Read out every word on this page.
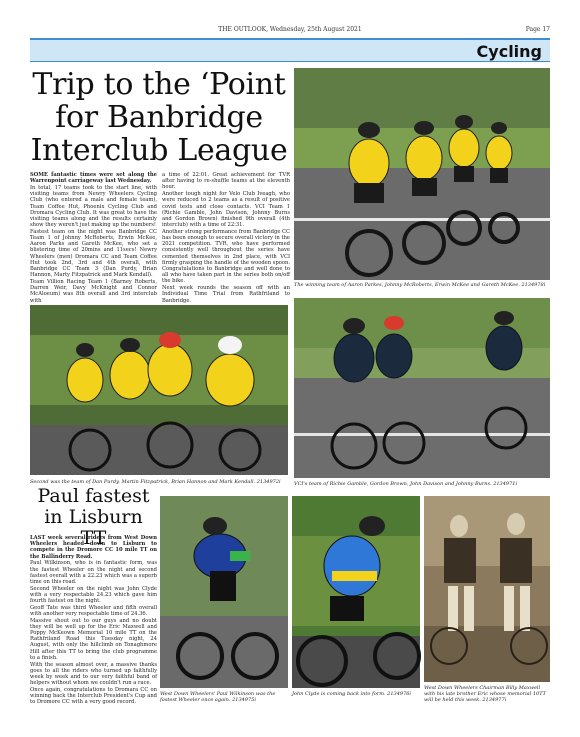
THE OUTLOOK, Wednesday, 25th August 2021	Page 17
Cycling
Trip to the ‘Point
for Banbridge
Interclub League

SOME fantastic times were set along the Warrenpoint carriageway last Wednesday.

In total, 17 teams took to the start line, with visiting teams from Newry Wheelers Cycling Club (who entered a male and female team), Team Coffee Hut, Phoenix Cycling Club and Dromara Cycling Club. It was great to have the visiting teams along and the results certainly show they weren't just making up the numbers!

Fastest team on the night was Banbridge CC Team 1 of Johnny McRoberts, Erwin McKee, Aaron Parks and Gareth McKee, who set a blistering time of 20mins and 11secs! Newry Wheelers (men) Dromara CC and Team Coffee Hut took 2nd, 3rd and 4th overall, with Banbridge CC Team 3 (Dan Purdy, Brian Hannon, Marty Fitzpatrick and Mark Kendall).

Team Villion Racing Team 1 (Barney Roberts, Darren Weir, Davy McKnight and Connor McAloeum) was 8th overall and 3rd interclub with

a time of 22:01. Great achievement for TVR after having to re-shuffle teams at the eleventh hour.

Another tough night for Velo Club Iveagh, who were reduced to 2 teams as a result of positive covid tests and close contacts. VCI Team 1 (Richie Gamble, John Davison, Johnny Burns and Gordon Brown) finished 9th overall (4th interclub) with a time of 22:31.

Another strong performance from Banbridge CC has been enough to secure overall victory in the 2021 competition. TVR, who have performed consistently well throughout the series have cemented themselves in 2nd place, with VCI firmly grasping the handle of the wooden spoon. Congratulations to Banbridge and well done to all who have taken part in the series both on/off the bike.

Next week rounds the season off with an Individual Time Trial from Rathfriland to Banbridge.

The winning team of Aaron Parkes, Johnny McRoberts, Erwin McKee and Gareth McKee. 2134978i
Second was the team of Dan Purdy, Martin Fitzpatrick, Brian Hannon and Mark Kendall. 2134972i	VCI's team of Richie Gamble, Gordon Brown, John Davison and Johnny Burns. 2134971i
Paul fastest
in Lisburn TT

LAST week several riders from West Down Wheelers headed down to Lisburn to compete in the Dromore CC 10 mile TT on the Ballinderry Road.

Paul Wilkinson, who is in fantastic form, was the fastest Wheeler on the night and second fastest overall with a 22.23 which was a superb time on this road.

Second Wheeler on the night was John Clyde with a very respectable 24.23 which gave him fourth fastest on the night.

Geoff Tate was third Wheeler and fifth overall with another very respectable time of 24.36.

Massive shout out to our guys and no doubt they will be well up for the Eric Maxwell and Poppy McKeown Memorial 10 mile TT on the Rathfriland Road this Tuesday night, 24 August, with only the hillclimb on Tonaghmore Hill after this TT to bring the club programme to a finish.

With the season almost over, a massive thanks goes to all the riders who turned up faithfully week by week and to our very faithful band of helpers without whom we couldn't run a race.

Once again, congratulations to Dromara CC on winning back the Interclub President's Cup and to Dromore CC with a very good record.

West Down Wheelers' Paul Wilkinson was the fastest Wheeler once again. 2134975i
John Clyde is coming back into form. 2134976i
West Down Wheelers Chairman Billy Maxwell with his late brother Eric whose memorial 10TT will be held this week. 2134977i
